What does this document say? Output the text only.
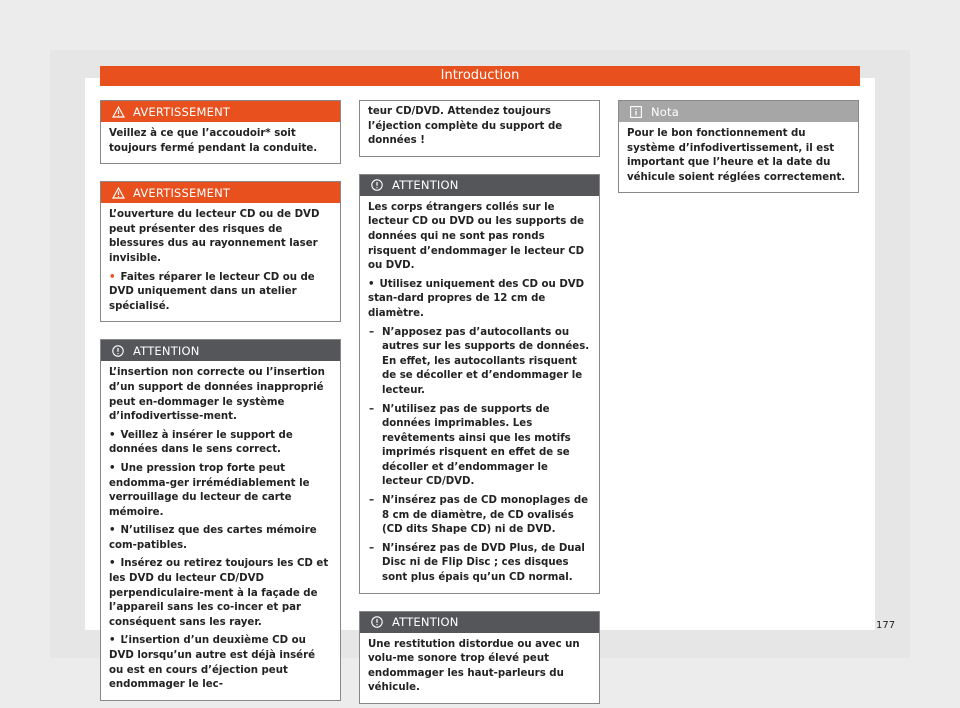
Introduction
AVERTISSEMENT

Veillez à ce que l’accoudoir* soit toujours fermé pendant la conduite.

AVERTISSEMENT

L’ouverture du lecteur CD ou de DVD peut présenter des risques de blessures dus au rayonnement laser invisible.

• Faites réparer le lecteur CD ou de DVD uniquement dans un atelier spécialisé.

ATTENTION

L’insertion non correcte ou l’insertion d’un support de données inapproprié peut en-dommager le système d’infodivertisse-ment.

• Veillez à insérer le support de données dans le sens correct.

• Une pression trop forte peut endomma-ger irrémédiablement le verrouillage du lecteur de carte mémoire.

• N’utilisez que des cartes mémoire com-patibles.

• Insérez ou retirez toujours les CD et les DVD du lecteur CD/DVD perpendiculaire-ment à la façade de l’appareil sans les co-incer et par conséquent sans les rayer.

• L’insertion d’un deuxième CD ou DVD lorsqu’un autre est déjà inséré ou est en cours d’éjection peut endommager le lec-

teur CD/DVD. Attendez toujours l’éjection complète du support de données !

ATTENTION

Les corps étrangers collés sur le lecteur CD ou DVD ou les supports de données qui ne sont pas ronds risquent d’endommager le lecteur CD ou DVD.

• Utilisez uniquement des CD ou DVD stan-dard propres de 12 cm de diamètre.

– N’apposez pas d’autocollants ou autres sur les supports de données. En effet, les autocollants risquent de se décoller et d’endommager le lecteur.
– N’utilisez pas de supports de données imprimables. Les revêtements ainsi que les motifs imprimés risquent en effet de se décoller et d’endommager le lecteur CD/DVD.
– N’insérez pas de CD monoplages de 8 cm de diamètre, de CD ovalisés (CD dits Shape CD) ni de DVD.
– N’insérez pas de DVD Plus, de Dual Disc ni de Flip Disc ; ces disques sont plus épais qu’un CD normal.
ATTENTION

Une restitution distordue ou avec un volu-me sonore trop élevé peut endommager les haut-parleurs du véhicule.

Nota

Pour le bon fonctionnement du système d’infodivertissement, il est important que l’heure et la date du véhicule soient réglées correctement.

177
